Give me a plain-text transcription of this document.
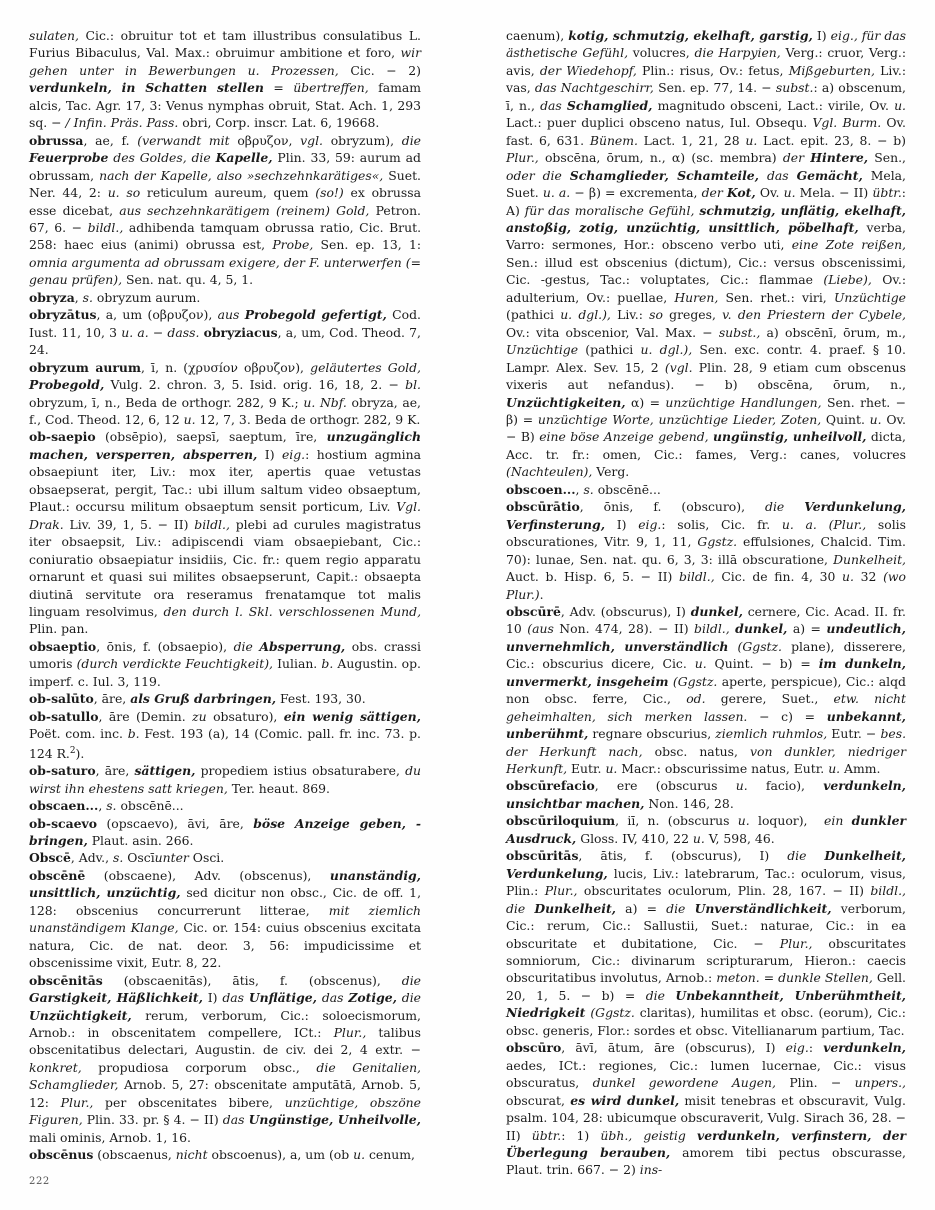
sulaten, Cic.: obruitur tot et tam illustribus consulatibus L. Furius Bibaculus, Val. Max.: obruimur ambitione et foro, wir gehen unter in Bewerbungen u. Prozessen, Cic. − 2) verdunkeln, in Schatten stellen = übertreffen, famam alcis, Tac. Agr. 17, 3: Venus nymphas obruit, Stat. Ach. 1, 293 sq. − / Infin. Präs. Pass. obri, Corp. inscr. Lat. 6, 19668.

obrussa, ae, f. (verwandt mit οβρυζον, vgl. obryzum), die Feuerprobe des Goldes, die Kapelle, Plin. 33, 59: aurum ad obrussam, nach der Kapelle, also »sechzehnkarätiges«, Suet. Ner. 44, 2: u. so reticulum aureum, quem (so!) ex obrussa esse dicebat, aus sechzehnkarätigem (reinem) Gold, Petron. 67, 6. − bildl., adhibenda tamquam obrussa ratio, Cic. Brut. 258: haec eius (animi) obrussa est, Probe, Sen. ep. 13, 1: omnia argumenta ad obrussam exigere, der F. unterwerfen (= genau prüfen), Sen. nat. qu. 4, 5, 1.

obryza, s. obryzum aurum.

obryzātus, a, um (οβρυζον), aus Probegold gefertigt, Cod. Iust. 11, 10, 3 u. a. − dass. obryziacus, a, um, Cod. Theod. 7, 24.

obryzum aurum, ī, n. (χρυσíον οβρυζον), geläutertes Gold, Probegold, Vulg. 2. chron. 3, 5. Isid. orig. 16, 18, 2. − bl. obryzum, ī, n., Beda de orthogr. 282, 9 K.; u. Nbf. obryza, ae, f., Cod. Theod. 12, 6, 12 u. 12, 7, 3. Beda de orthogr. 282, 9 K.

ob-saepio (obsēpio), saepsī, saeptum, īre, unzugänglich machen, versperren, absperren, I) eig.: hostium agmina obsaepiunt iter, Liv.: mox iter, apertis quae vetustas obsaepserat, pergit, Tac.: ubi illum saltum video obsaeptum, Plaut.: occursu militum obsaeptum sensit porticum, Liv. Vgl. Drak. Liv. 39, 1, 5. − II) bildl., plebi ad curules magistratus iter obsaepsit, Liv.: adipiscendi viam obsaepiebant, Cic.: coniuratio obsaepiatur insidiis, Cic. fr.: quem regio apparatu ornarunt et quasi sui milites obsaepserunt, Capit.: obsaepta diutinā servitute ora reseramus frenatamque tot malis linguam resolvimus, den durch l. Skl. verschlossenen Mund, Plin. pan.

obsaeptio, ōnis, f. (obsaepio), die Absperrung, obs. crassi umoris (durch verdickte Feuchtigkeit), Iulian. b. Augustin. op. imperf. c. Iul. 3, 119.

ob-salūto, āre, als Gruß darbringen, Fest. 193, 30.

ob-satullo, āre (Demin. zu obsaturo), ein wenig sättigen, Poët. com. inc. b. Fest. 193 (a), 14 (Comic. pall. fr. inc. 73. p. 124 R.$^2$).

ob-saturo, āre, sättigen, propediem istius obsaturabere, du wirst ihn ehestens satt kriegen, Ter. heaut. 869.

obscaen..., s. obscēnē...

ob-scaevo (opscaevo), āvi, āre, böse Anzeige geben, -bringen, Plaut. asin. 266.

Obscē, Adv., s. Oscīunter Osci.

obscēnē (obscaene), Adv. (obscenus), unanständig, unsittlich, unzüchtig, sed dicitur non obsc., Cic. de off. 1, 128: obscenius concurrerunt litterae, mit ziemlich unanständigem Klange, Cic. or. 154: cuius obscenius excitata natura, Cic. de nat. deor. 3, 56: impudicissime et obscenissime vixit, Eutr. 8, 22.

obscēnitās (obscaenitās), ātis, f. (obscenus), die Garstigkeit, Häßlichkeit, I) das Unflätige, das Zotige, die Unzüchtigkeit, rerum, verborum, Cic.: soloecismorum, Arnob.: in obscenitatem compellere, ICt.: Plur., talibus obscenitatibus delectari, Augustin. de civ. dei 2, 4 extr. − konkret, propudiosa corporum obsc., die Genitalien, Schamglieder, Arnob. 5, 27: obscenitate amputātā, Arnob. 5, 12: Plur., per obscenitates bibere, unzüchtige, obszöne Figuren, Plin. 33. pr. § 4. − II) das Ungünstige, Unheilvolle, mali ominis, Arnob. 1, 16.

obscēnus (obscaenus, nicht obscoenus), a, um (ob u. cenum,

caenum), kotig, schmutzig, ekelhaft, garstig, I) eig., für das ästhetische Gefühl, volucres, die Harpyien, Verg.: cruor, Verg.: avis, der Wiedehopf, Plin.: risus, Ov.: fetus, Mißgeburten, Liv.: vas, das Nachtgeschirr, Sen. ep. 77, 14. − subst.: a) obscenum, ī, n., das Schamglied, magnitudo obsceni, Lact.: virile, Ov. u. Lact.: puer duplici obsceno natus, Iul. Obsequ. Vgl. Burm. Ov. fast. 6, 631. Bünem. Lact. 1, 21, 28 u. Lact. epit. 23, 8. − b) Plur., obscēna, ōrum, n., α) (sc. membra) der Hintere, Sen., oder die Schamglieder, Schamteile, das Gemächt, Mela, Suet. u. a. − β) = excrementa, der Kot, Ov. u. Mela. − II) übtr.: A) für das moralische Gefühl, schmutzig, unflätig, ekelhaft, anstoßig, zotig, unzüchtig, unsittlich, pöbelhaft, verba, Varro: sermones, Hor.: obsceno verbo uti, eine Zote reißen, Sen.: illud est obscenius (dictum), Cic.: versus obscenissimi, Cic. -gestus, Tac.: voluptates, Cic.: flammae (Liebe), Ov.: adulterium, Ov.: puellae, Huren, Sen. rhet.: viri, Unzüchtige (pathici u. dgl.), Liv.: so greges, v. den Priestern der Cybele, Ov.: vita obscenior, Val. Max. − subst., a) obscēnī, ōrum, m., Unzüchtige (pathici u. dgl.), Sen. exc. contr. 4. praef. § 10. Lampr. Alex. Sev. 15, 2 (vgl. Plin. 28, 9 etiam cum obscenus vixeris aut nefandus). − b) obscēna, ōrum, n., Unzüchtigkeiten, α) = unzüchtige Handlungen, Sen. rhet. − β) = unzüchtige Worte, unzüchtige Lieder, Zoten, Quint. u. Ov. − B) eine böse Anzeige gebend, ungünstig, unheilvoll, dicta, Acc. tr. fr.: omen, Cic.: fames, Verg.: canes, volucres (Nachteulen), Verg.

obscoen..., s. obscēnē...

obscūrātio, ōnis, f. (obscuro), die Verdunkelung, Verfinsterung, I) eig.: solis, Cic. fr. u. a. (Plur., solis obscurationes, Vitr. 9, 1, 11, Ggstz. effulsiones, Chalcid. Tim. 70): lunae, Sen. nat. qu. 6, 3, 3: illā obscuratione, Dunkelheit, Auct. b. Hisp. 6, 5. − II) bildl., Cic. de fin. 4, 30 u. 32 (wo Plur.).

obscūrē, Adv. (obscurus), I) dunkel, cernere, Cic. Acad. II. fr. 10 (aus Non. 474, 28). − II) bildl., dunkel, a) = undeutlich, unvernehmlich, unverständlich (Ggstz. plane), disserere, Cic.: obscurius dicere, Cic. u. Quint. − b) = im dunkeln, unvermerkt, insgeheim (Ggstz. aperte, perspicue), Cic.: alqd non obsc. ferre, Cic., od. gerere, Suet., etw. nicht geheimhalten, sich merken lassen. − c) = unbekannt, unberühmt, regnare obscurius, ziemlich ruhmlos, Eutr. − bes. der Herkunft nach, obsc. natus, von dunkler, niedriger Herkunft, Eutr. u. Macr.: obscurissime natus, Eutr. u. Amm.

obscūrefacio, ere (obscurus u. facio), verdunkeln, unsichtbar machen, Non. 146, 28.

obscūriloquium, iī, n. (obscurus u. loquor),  ein dunkler Ausdruck, Gloss. IV, 410, 22 u. V, 598, 46.

obscūritās, ātis, f. (obscurus), I) die Dunkelheit, Verdunkelung, lucis, Liv.: latebrarum, Tac.: oculorum, visus, Plin.: Plur., obscuritates oculorum, Plin. 28, 167. − II) bildl., die Dunkelheit, a) = die Unverständlichkeit, verborum, Cic.: rerum, Cic.: Sallustii, Suet.: naturae, Cic.: in ea obscuritate et dubitatione, Cic. − Plur., obscuritates somniorum, Cic.: divinarum scripturarum, Hieron.: caecis obscuritatibus involutus, Arnob.: meton. = dunkle Stellen, Gell. 20, 1, 5. − b) = die Unbekanntheit, Unberühmtheit, Niedrigkeit (Ggstz. claritas), humilitas et obsc. (eorum), Cic.: obsc. generis, Flor.: sordes et obsc. Vitellianarum partium, Tac.

obscūro, āvī, ātum, āre (obscurus), I) eig.: verdunkeln, aedes, ICt.: regiones, Cic.: lumen lucernae, Cic.: visus obscuratus, dunkel gewordene Augen, Plin. − unpers., obscurat, es wird dunkel, misit tenebras et obscuravit, Vulg. psalm. 104, 28: ubicumque obscuraverit, Vulg. Sirach 36, 28. − II) übtr.: 1) übh., geistig verdunkeln, verfinstern, der Überlegung berauben, amorem tibi pectus obscurasse, Plaut. trin. 667. − 2) ins-

222
